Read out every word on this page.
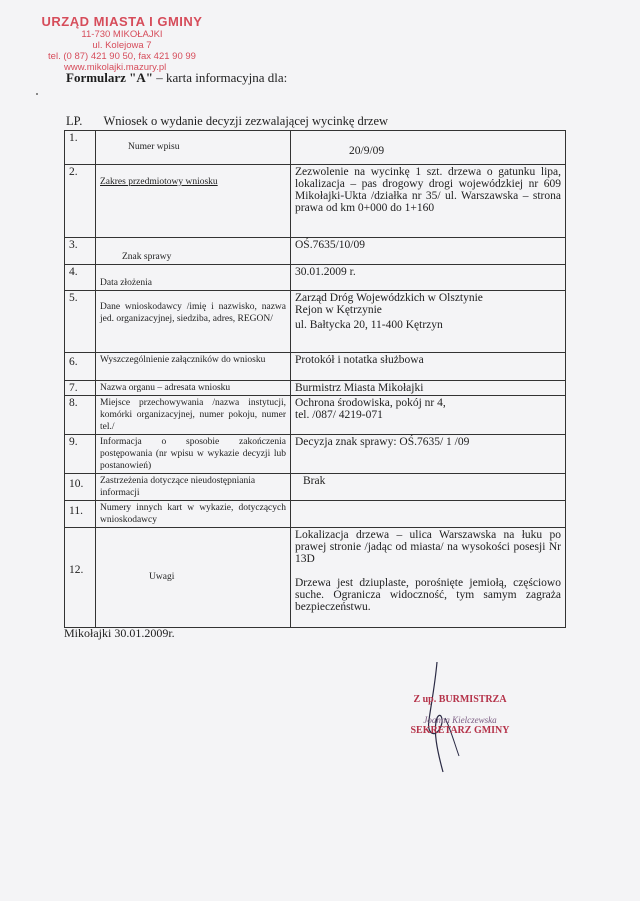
URZĄD MIASTA I GMINY
11-730 MIKOŁAJKI
ul. Kolejowa 7
tel. (0 87) 421 90 50, fax 421 90 99
www.mikolajki.mazury.pl
Formularz "A" – karta informacyjna dla:
LP. Wniosek o wydanie decyzji zezwalającej wycinkę drzew
1.	Numer wpisu	20/9/09
2.	Zakres przedmiotowy wniosku	Zezwolenie na wycinkę 1 szt. drzewa o gatunku lipa, lokalizacja – pas drogowy drogi wojewódzkiej nr 609 Mikołajki-Ukta /działka nr 35/ ul. Warszawska – strona prawa od km 0+000 do 1+160
3.	Znak sprawy	OŚ.7635/10/09
4.	Data złożenia	30.01.2009 r.
5.	Dane wnioskodawcy /imię i nazwisko, nazwa jed. organizacyjnej, siedziba, adres, REGON/	Zarząd Dróg Wojewódzkich w Olsztynie
Rejon w Kętrzynie
ul. Bałtycka 20, 11-400 Kętrzyn

6.	Wyszczególnienie załączników do wniosku	Protokół i notatka służbowa
7.	Nazwa organu – adresata wniosku	Burmistrz Miasta Mikołajki
8.	Miejsce przechowywania /nazwa instytucji, komórki organizacyjnej, numer pokoju, numer tel./	Ochrona środowiska, pokój nr 4,
tel. /087/ 4219-071

9.	Informacja o sposobie zakończenia postępowania (nr wpisu w wykazie decyzji lub postanowień)	Decyzja znak sprawy: OŚ.7635/ 1 /09
10.	Zastrzeżenia dotyczące nieudostępniania informacji	Brak
11.	Numery innych kart w wykazie, dotyczących wnioskodawcy	
12.	Uwagi	Lokalizacja drzewa – ulica Warszawska na łuku po prawej stronie /jadąc od miasta/ na wysokości posesji Nr 13D
Drzewa jest dziuplaste, porośnięte jemiołą, częściowo suche. Ogranicza widoczność, tym samym zagraża bezpieczeństwu.
Mikołajki 30.01.2009r.
Z up. BURMISTRZA
Joanna Kielczewska
SEKRETARZ GMINY
